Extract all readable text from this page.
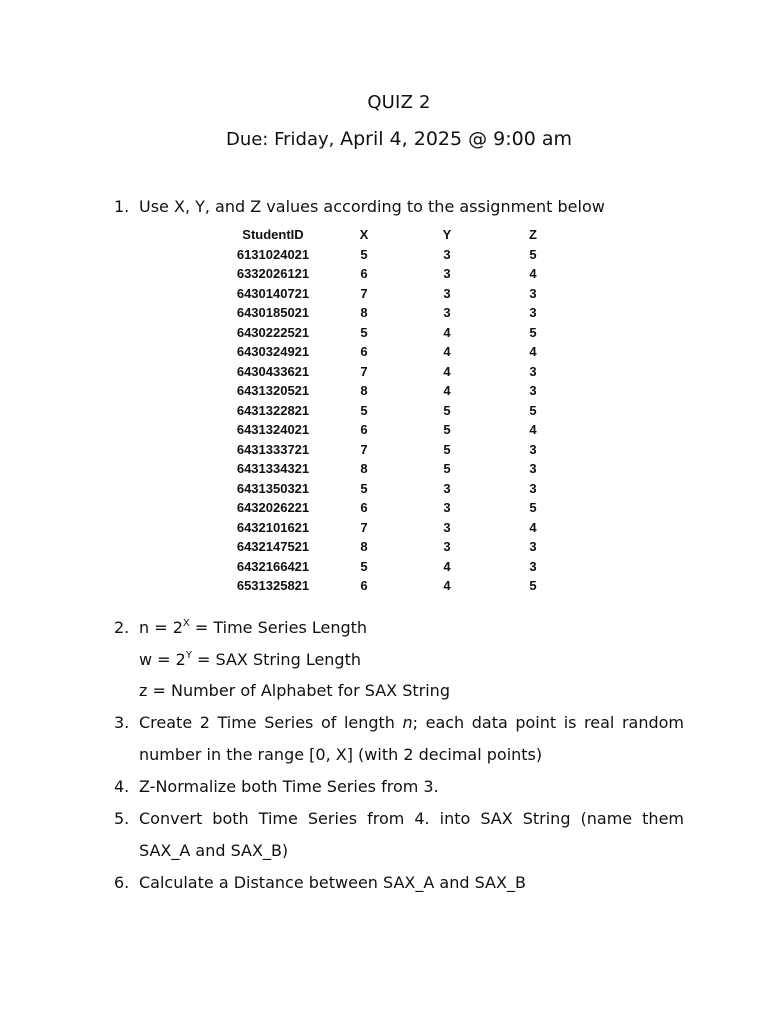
QUIZ 2
Due: Friday, April 4, 2025 @ 9:00 am
1. Use X, Y, and Z values according to the assignment below
StudentID	X	Y	Z
6131024021	5	3	5
6332026121	6	3	4
6430140721	7	3	3
6430185021	8	3	3
6430222521	5	4	5
6430324921	6	4	4
6430433621	7	4	3
6431320521	8	4	3
6431322821	5	5	5
6431324021	6	5	4
6431333721	7	5	3
6431334321	8	5	3
6431350321	5	3	3
6432026221	6	3	5
6432101621	7	3	4
6432147521	8	3	3
6432166421	5	4	3
6531325821	6	4	5
2. $n = 2^X$ = Time Series Length
$w = 2^Y$ = SAX String Length
z = Number of Alphabet for SAX String
3. Create 2 Time Series of length n; each data point is real random
number in the range [0, X] (with 2 decimal points)
4. Z-Normalize both Time Series from 3.
5. Convert both Time Series from 4. into SAX String (name them
SAX_A and SAX_B)
6. Calculate a Distance between SAX_A and SAX_B
